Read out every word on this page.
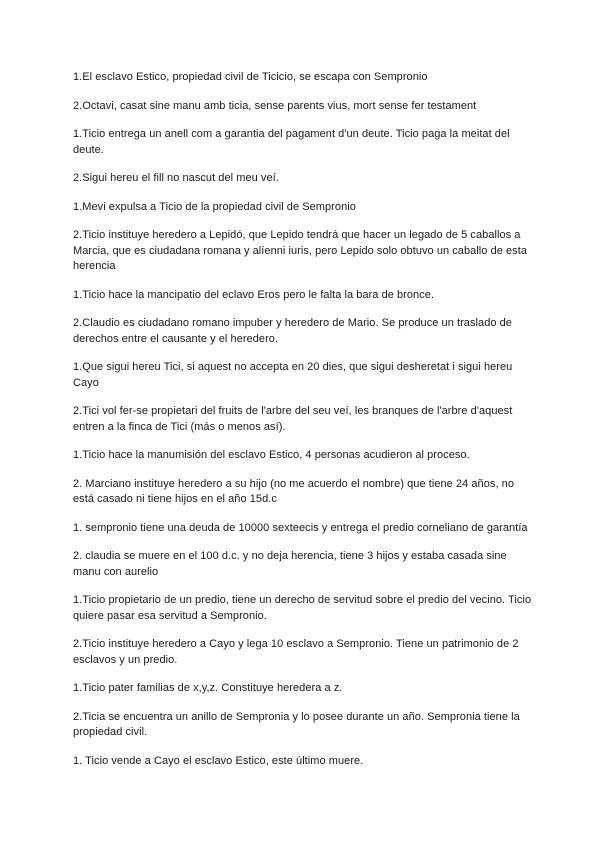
1.El esclavo Estico, propiedad civil de Ticicio, se escapa con Sempronio

2.Octavi, casat sine manu amb ticia, sense parents vius, mort sense fer testament

1.Ticio entrega un anell com a garantia del pagament d'un deute. Ticio paga la meitat del deute.

2.Sigui hereu el fill no nascut del meu veí.

1.Mevi expulsa a Ticio de la propiedad civil de Sempronio

2.Ticio instituye heredero a Lepidó, que Lepido tendrá que hacer un legado de 5 caballos a Marcia, que es ciudadana romana y alíenni iuris, pero Lepido solo obtuvo un caballo de esta herencia

1.Ticio hace la mancipatio del eclavo Eros pero le falta la bara de bronce.

2.Claudio es ciudadano romano impuber y heredero de Mario. Se produce un traslado de derechos entre el causante y el heredero.

1.Que sigui hereu Tici, si aquest no accepta en 20 dies, que sigui desheretat i sigui hereu Cayo

2.Tici vol fer-se propietari del fruits de l'arbre del seu veí, les branques de l'arbre d'aquest entren a la finca de Tici (más o menos así).

1.Ticio hace la manumisión del esclavo Estico, 4 personas acudieron al proceso.

2. Marciano instituye heredero a su hijo (no me acuerdo el nombre) que tiene 24 años, no está casado ni tiene hijos en el año 15d.c

1. sempronio tiene una deuda de 10000 sexteecis y entrega el predio corneliano de garantía

2. claudia se muere en el 100 d.c. y no deja herencia, tiene 3 hijos y estaba casada sine manu con aurelio

1.Ticio propietario de un predio, tiene un derecho de servitud sobre el predio del vecino. Ticio quiere pasar esa servitud a Sempronio.

2.Ticio instituye heredero a Cayo y lega 10 esclavo a Sempronio. Tiene un patrimonio de 2 esclavos y un predio.

1.Ticio pater familias de x,y,z. Constituye heredera a z.

2.Ticia se encuentra un anillo de Sempronia y lo posee durante un año. Sempronia tiene la propiedad civil.

1. Ticio vende a Cayo el esclavo Estico, este último muere.
